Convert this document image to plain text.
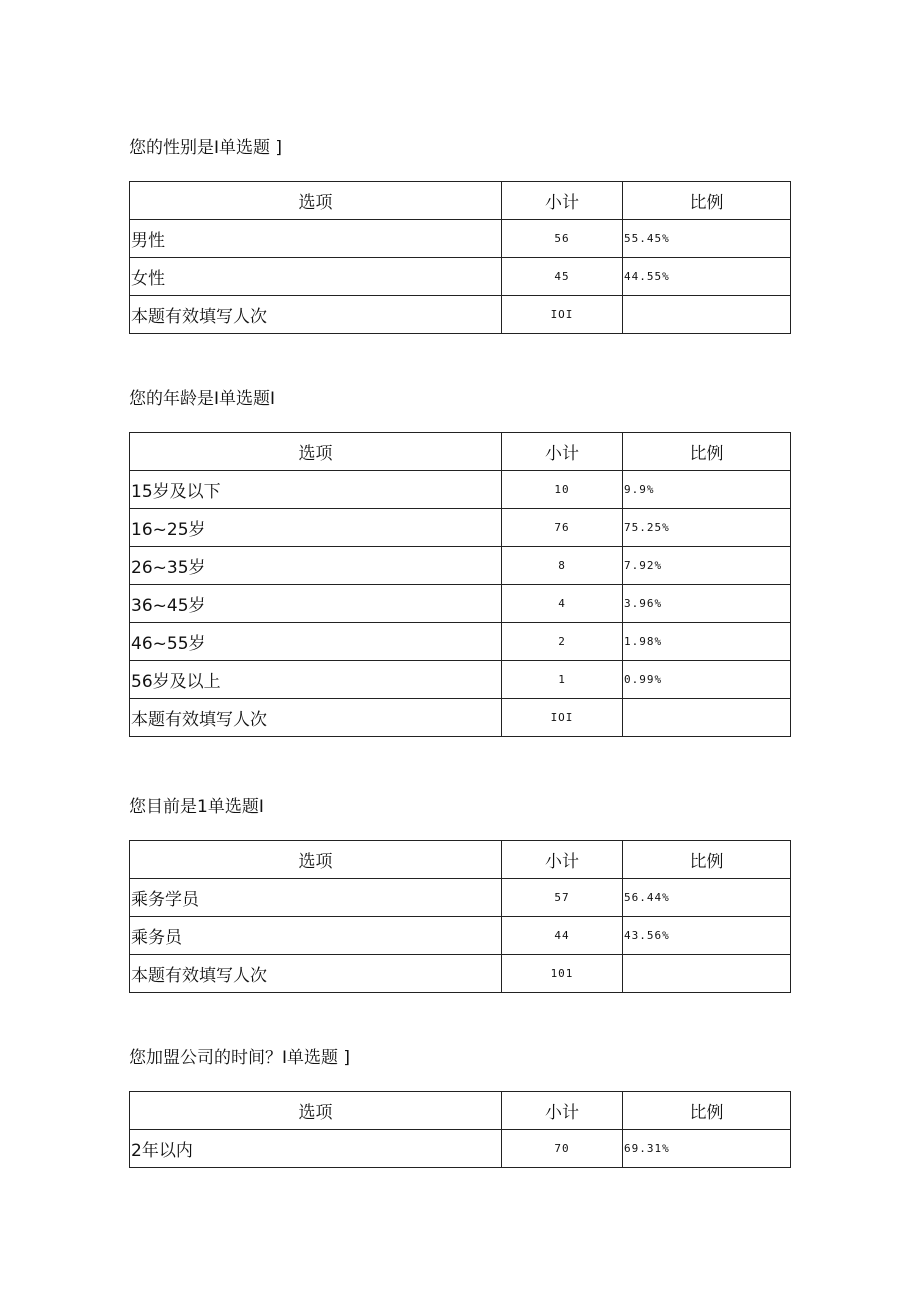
您的性别是Ι单选题 ]
选项	小计	比例
男性	56	55.45%
女性	45	44.55%
本题有效填写人次	IOI	
您的年龄是Ι单选题Ι
选项	小计	比例
15岁及以下	10	9.9%
16~25岁	76	75.25%
26~35岁	8	7.92%
36~45岁	4	3.96%
46~55岁	2	1.98%
56岁及以上	1	0.99%
本题有效填写人次	IOI	
您目前是1单选题Ι
选项	小计	比例
乘务学员	57	56.44%
乘务员	44	43.56%
本题有效填写人次	101	
您加盟公司的时间？Ι单选题 ]
选项	小计	比例
2年以内	70	69.31%
